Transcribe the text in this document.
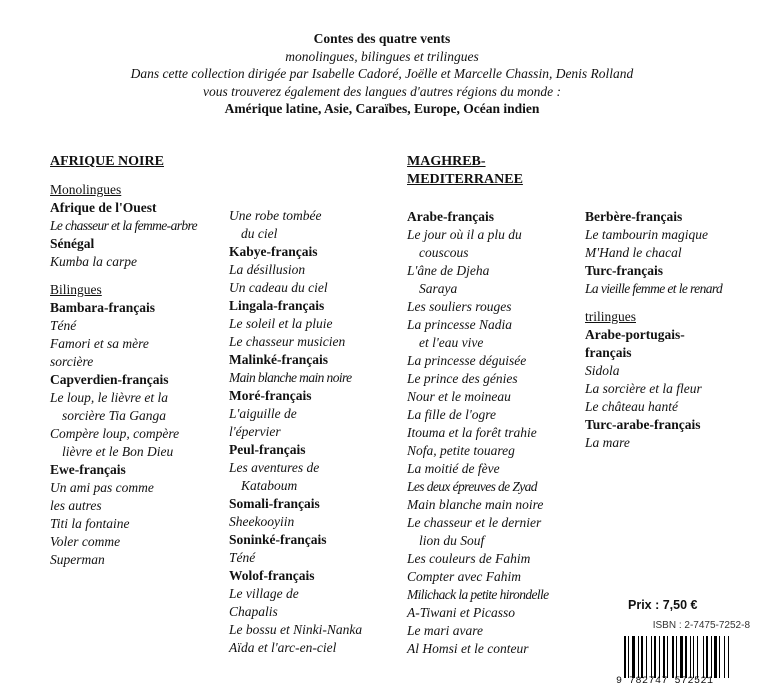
Contes des quatre vents
monolingues, bilingues et trilingues
Dans cette collection dirigée par Isabelle Cadoré, Joëlle et Marcelle Chassin, Denis Rolland
vous trouverez également des langues d'autres régions du monde :
Amérique latine, Asie, Caraïbes, Europe, Océan indien
AFRIQUE NOIRE
Monolingues
Afrique de l'Ouest
Le chasseur et la femme-arbre
Sénégal
Kumba la carpe
Bilingues
Bambara-français
Téné
Famori et sa mère
sorcière
Capverdien-français
Le loup, le lièvre et la
sorcière Tia Ganga
Compère loup, compère
lièvre et le Bon Dieu
Ewe-français
Un ami pas comme
les autres
Titi la fontaine
Voler comme
Superman
Une robe tombée
du ciel
Kabye-français
La désillusion
Un cadeau du ciel
Lingala-français
Le soleil et la pluie
Le chasseur musicien
Malinké-français
Main blanche main noire
Moré-français
L'aiguille de
l'épervier
Peul-français
Les aventures de
Kataboum
Somali-français
Sheekooyiin
Soninké-français
Téné
Wolof-français
Le village de
Chapalis
Le bossu et Ninki-Nanka
Aïda et l'arc-en-ciel
MAGHREB-
MEDITERRANEE
Arabe-français
Le jour où il a plu du
couscous
L'âne de Djeha
Saraya
Les souliers rouges
La princesse Nadia
et l'eau vive
La princesse déguisée
Le prince des génies
Nour et le moineau
La fille de l'ogre
Itouma et la forêt trahie
Nofa, petite touareg
La moitié de fève
Les deux épreuves de Zyad
Main blanche main noire
Le chasseur et le dernier
lion du Souf
Les couleurs de Fahim
Compter avec Fahim
Milichack la petite hirondelle
A-Tiwani et Picasso
Le mari avare
Al Homsi et le conteur
Berbère-français
Le tambourin magique
M'Hand le chacal
Turc-français
La vieille femme et le renard
trilingues
Arabe-portugais-
français
Sidola
La sorcière et la fleur
Le château hanté
Turc-arabe-français
La mare
Prix : 7,50 €
ISBN : 2-7475-7252-8
9 782747 572521
